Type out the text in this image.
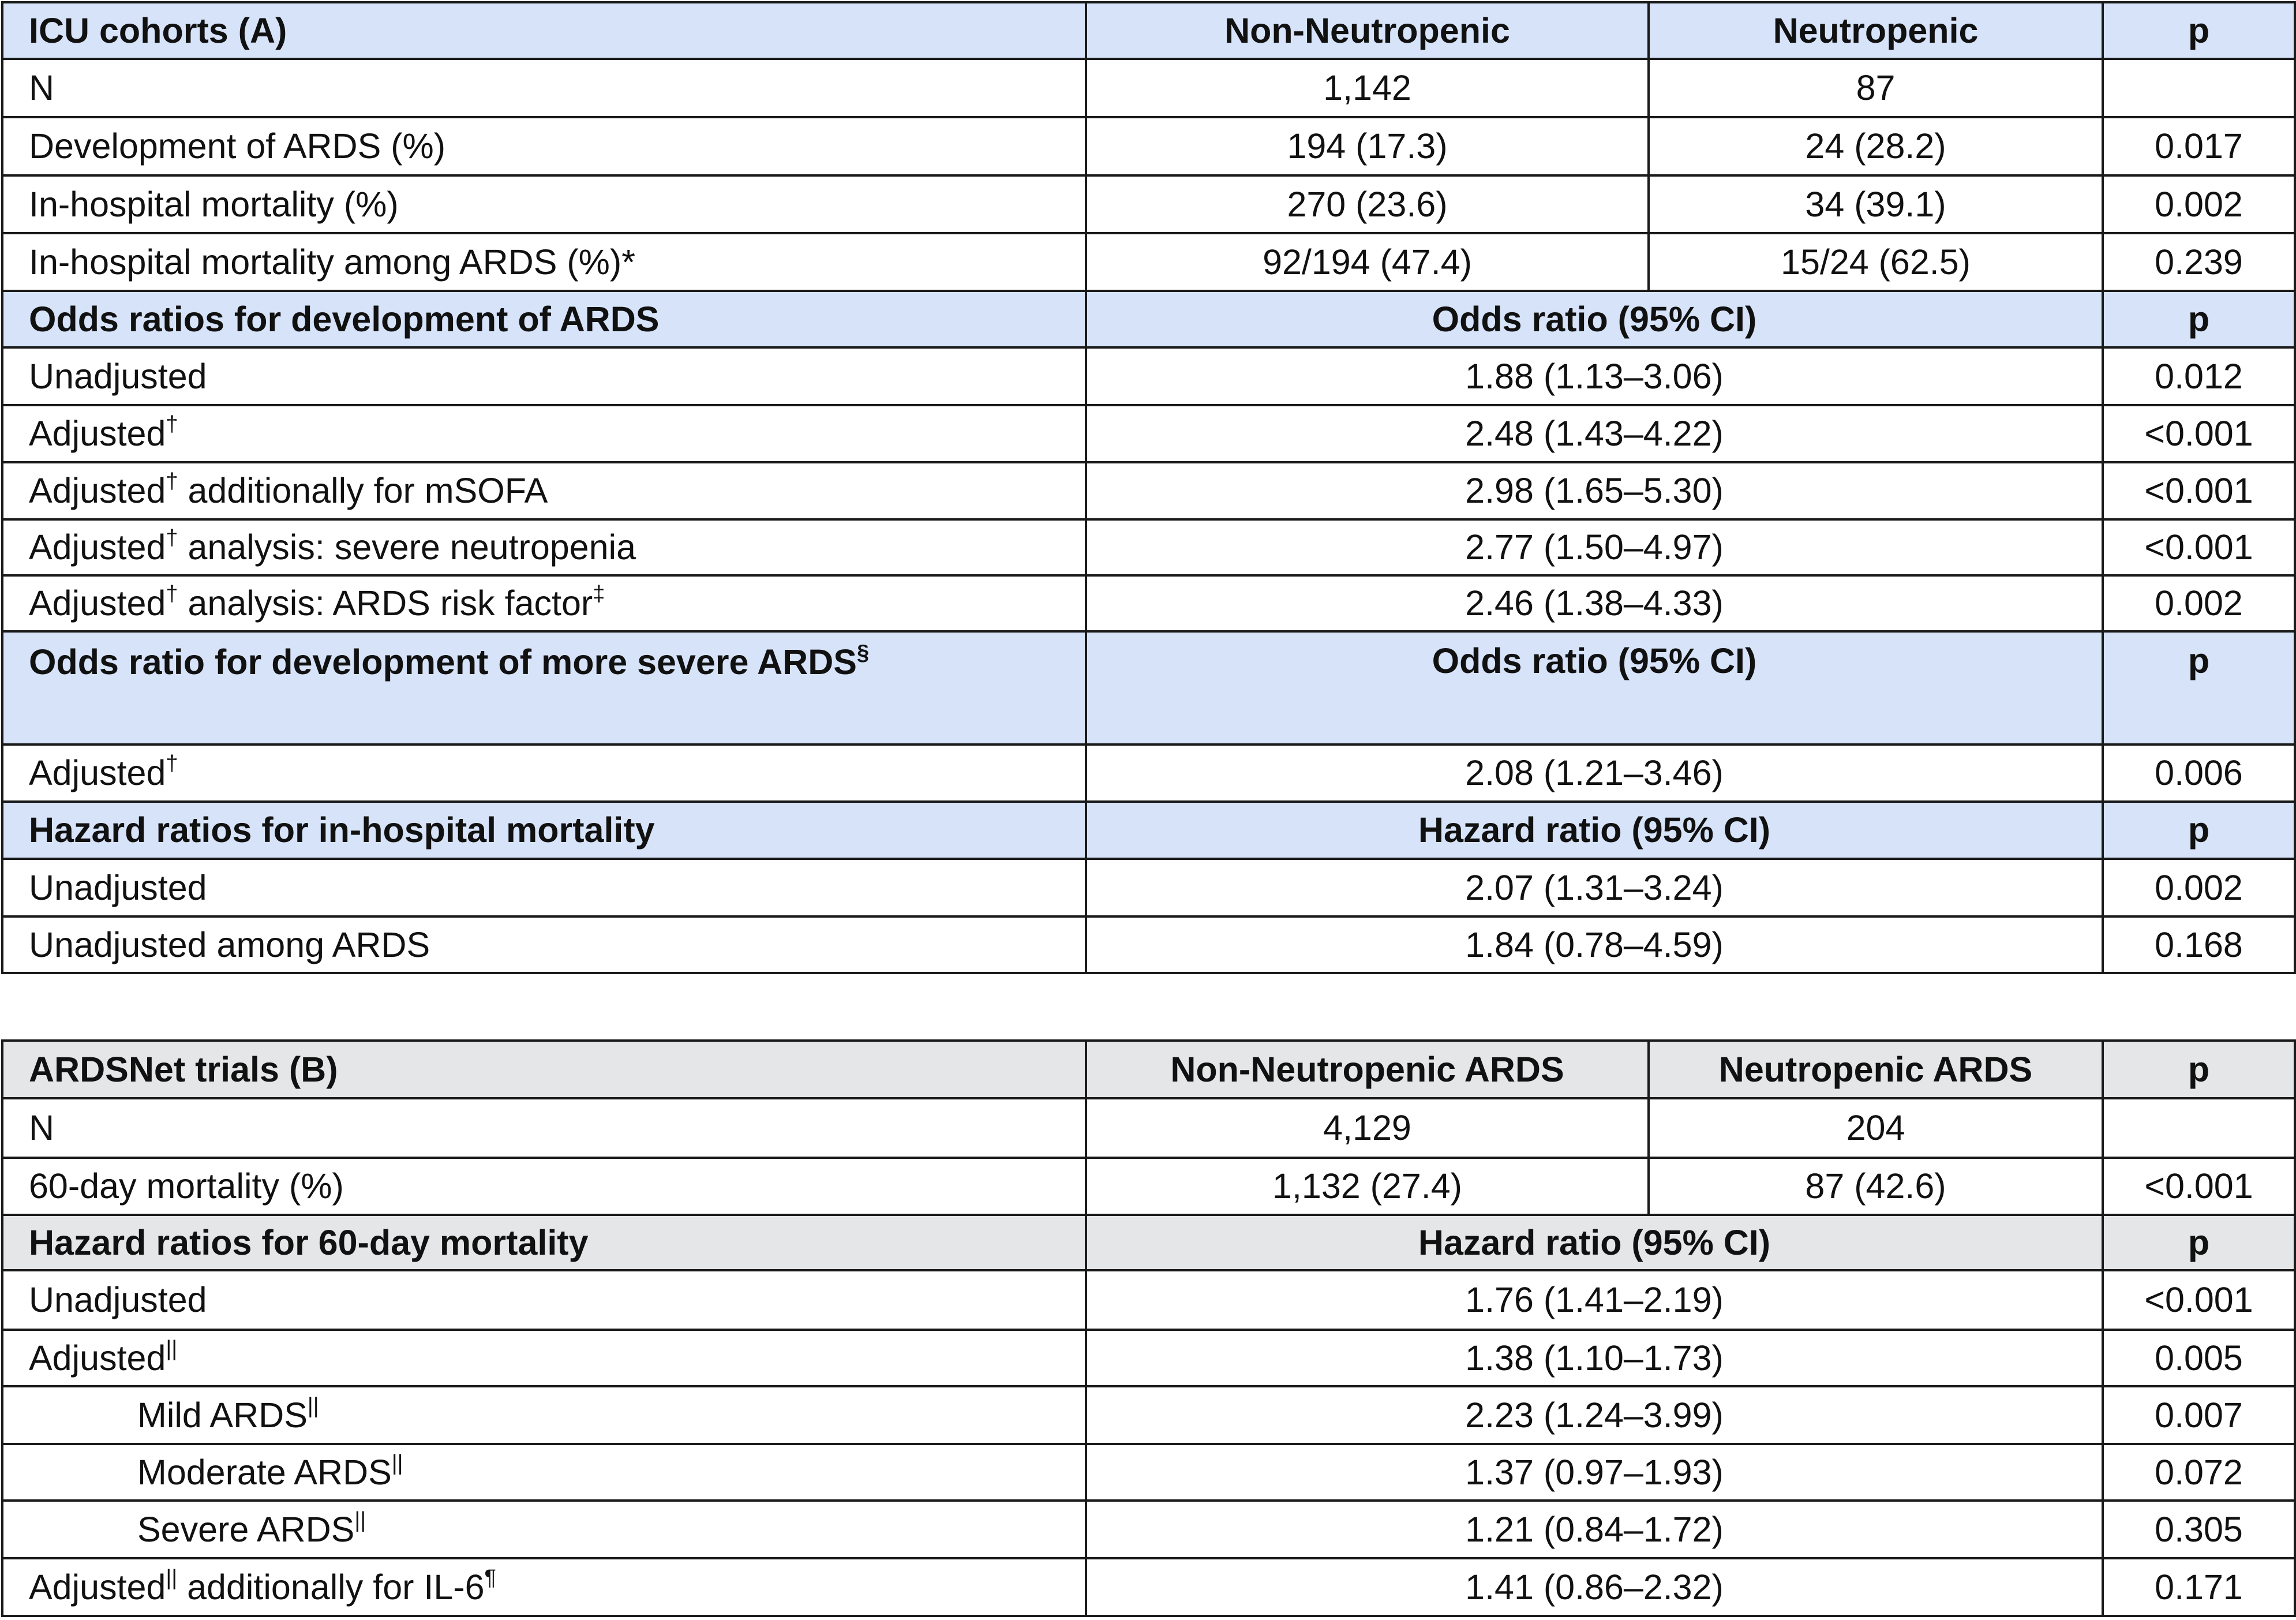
ICU cohorts (A)	Non-Neutropenic	Neutropenic	p
N	1,142	87	
Development of ARDS (%)	194 (17.3)	24 (28.2)	0.017
In-hospital mortality (%)	270 (23.6)	34 (39.1)	0.002
In-hospital mortality among ARDS (%)*	92/194 (47.4)	15/24 (62.5)	0.239
Odds ratios for development of ARDS	Odds ratio (95% CI)		p
Unadjusted	1.88 (1.13–3.06)		0.012
Adjusted†	2.48 (1.43–4.22)		<0.001
Adjusted† additionally for mSOFA	2.98 (1.65–5.30)		<0.001
Adjusted† analysis: severe neutropenia	2.77 (1.50–4.97)		<0.001
Adjusted† analysis: ARDS risk factor‡	2.46 (1.38–4.33)		0.002
Odds ratio for development of more severe ARDS§	Odds ratio (95% CI)		p
Adjusted†	2.08 (1.21–3.46)		0.006
Hazard ratios for in-hospital mortality	Hazard ratio (95% CI)		p
Unadjusted	2.07 (1.31–3.24)		0.002
Unadjusted among ARDS	1.84 (0.78–4.59)		0.168
ARDSNet trials (B)	Non-Neutropenic ARDS	Neutropenic ARDS	p
N	4,129	204	
60-day mortality (%)	1,132 (27.4)	87 (42.6)	<0.001
Hazard ratios for 60-day mortality	Hazard ratio (95% CI)		p
Unadjusted	1.76 (1.41–2.19)		<0.001
Adjusted||	1.38 (1.10–1.73)		0.005
Mild ARDS||	2.23 (1.24–3.99)		0.007
Moderate ARDS||	1.37 (0.97–1.93)		0.072
Severe ARDS||	1.21 (0.84–1.72)		0.305
Adjusted|| additionally for IL-6¶	1.41 (0.86–2.32)		0.171
